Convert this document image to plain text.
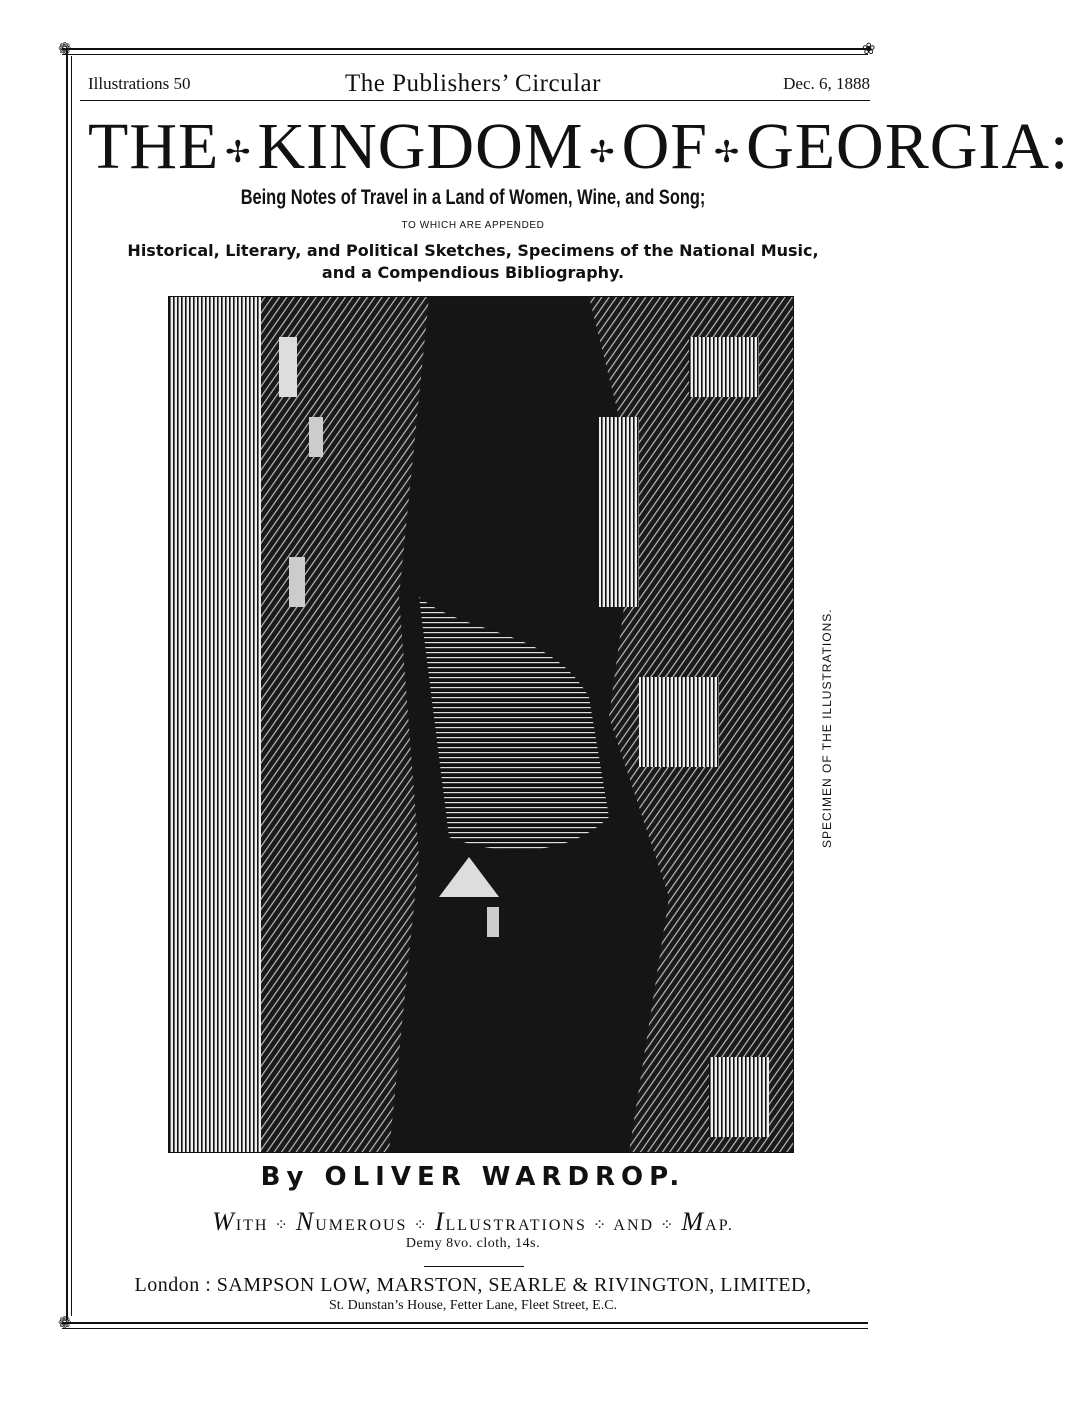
❁
❁
❀
Illustrations 50	The Publishers’ Circular	Dec. 6, 1888
THE ✢KINGDOM ✢OF ✢GEORGIA:
Being Notes of Travel in a Land of Women, Wine, and Song;
TO WHICH ARE APPENDED
Historical, Literary, and Political Sketches, Specimens of the National Music,
and a Compendious Bibliography.
SPECIMEN OF THE ILLUSTRATIONS.
By OLIVER WARDROP.
WITH ⁘ NUMEROUS ⁘ ILLUSTRATIONS ⁘ AND ⁘ MAP.
Demy 8vo. cloth, 14s.
London : SAMPSON LOW, MARSTON, SEARLE & RIVINGTON, LIMITED,
St. Dunstan’s House, Fetter Lane, Fleet Street, E.C.
